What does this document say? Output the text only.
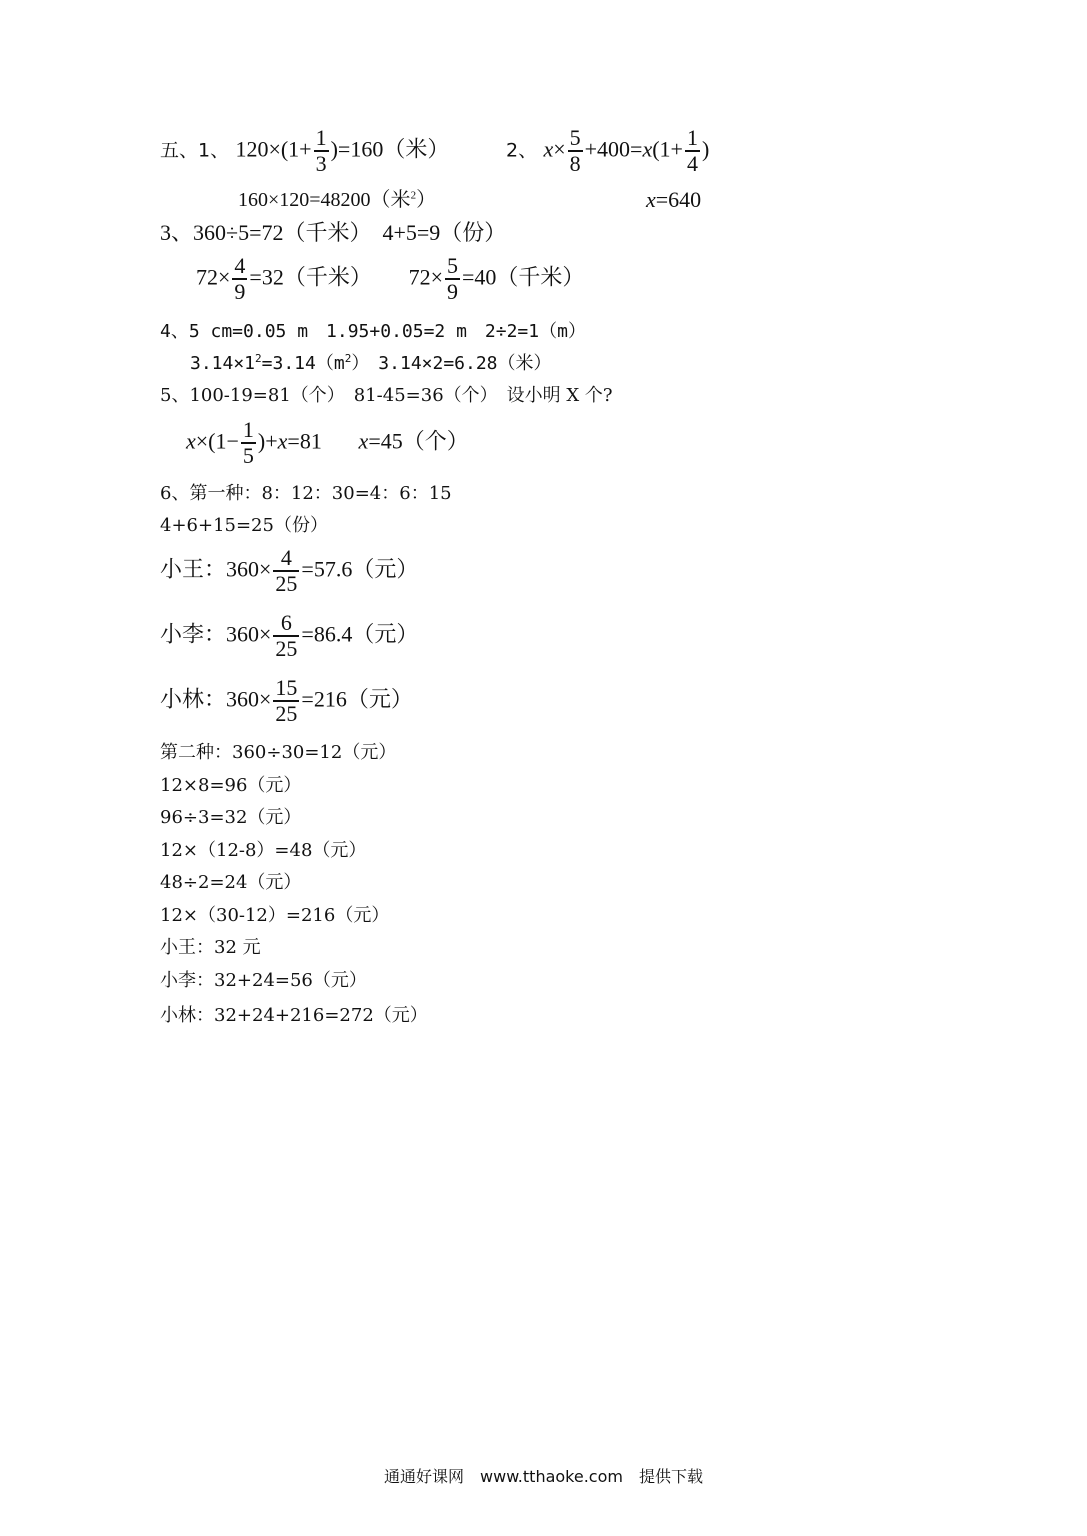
五、1、 $120\times(1+ \frac{1}{3} )=160$（米）	2、 $x\times \frac{5}{8} +400=x(1+ \frac{1}{4}$ )
160×120=48200（米$^2$）	x=640
3、360÷5=72（千米）　4+5=9（份）
$72\times \frac{4}{9} =32$（千米） $72\times \frac{5}{9} =40$（千米）
4、5 cm=0.05 m　1.95+0.05=2 m　2÷2=1（m）
$3.14\times 1^2=3.14(m^2)$　3.14×2=6.28（米）
5、100-19=81（个）　81-45=36（个）　设小明 X 个?
$x\times(1- \frac{1}{5} )+x=81$ x=45（个）
6、第一种：8：12：30=4：6：15
4+6+15=25（份）
小王：$360\times \frac{4}{25} =57.6$（元）
小李：$360\times \frac{6}{25} =86.4$（元）
小林：$360\times \frac{15}{25} =216$（元）
第二种：360÷30=12（元）
12×8=96（元）
96÷3=32（元）
12×（12-8）=48（元）
48÷2=24（元）
12×（30-12）=216（元）
小王：32 元
小李：32+24=56（元）
小林：32+24+216=272（元）
通通好课网　www.tthaoke.com　提供下载
